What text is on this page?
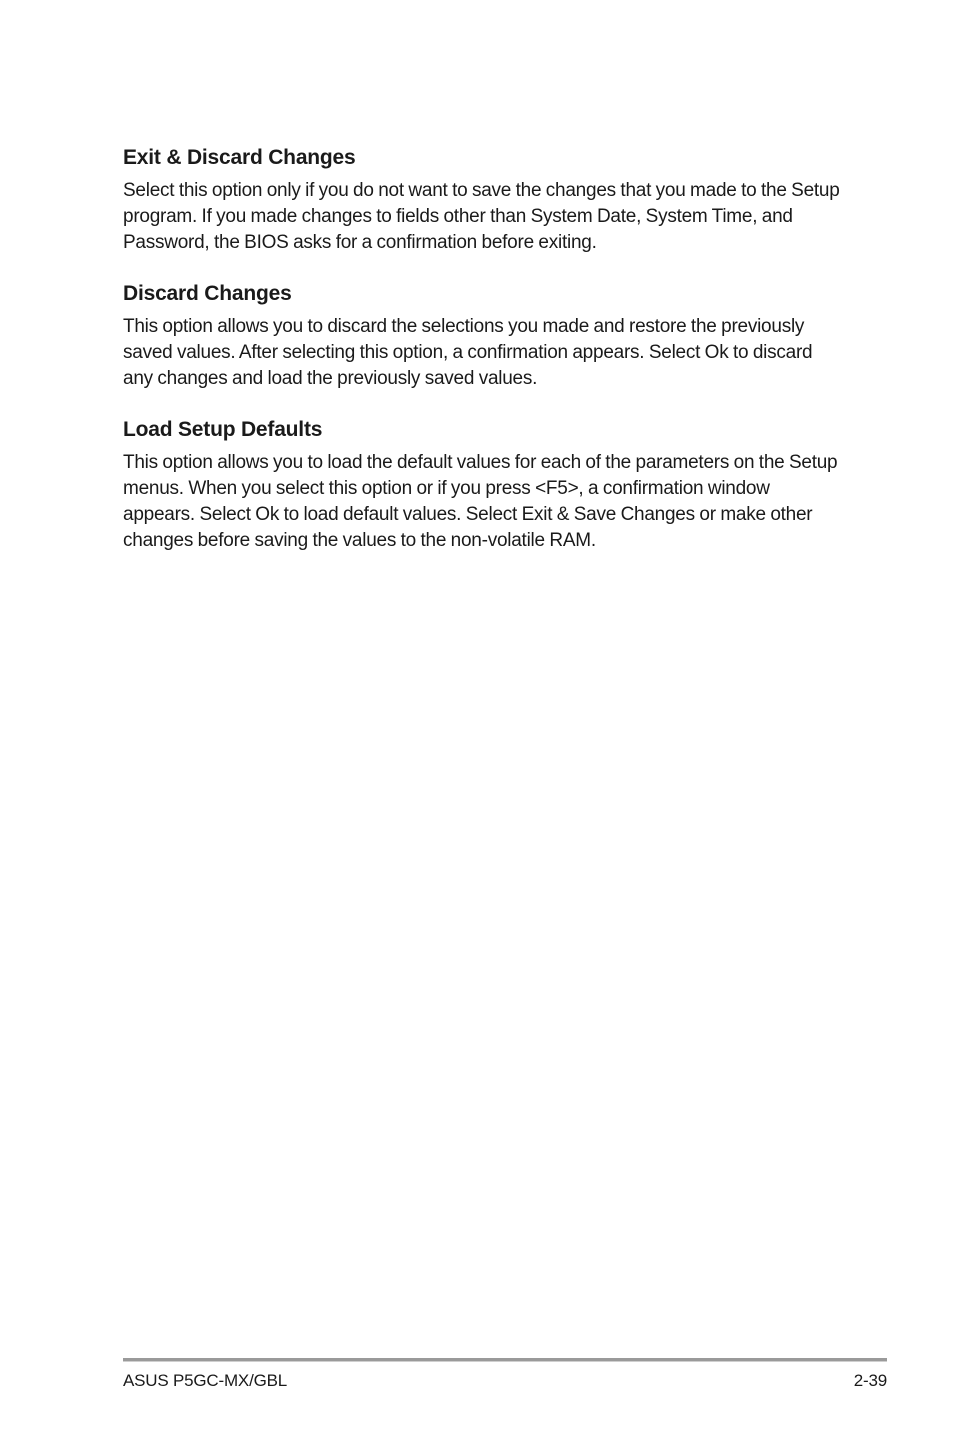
Exit & Discard Changes

Select this option only if you do not want to save the changes that you made to the Setup program. If you made changes to fields other than System Date, System Time, and Password, the BIOS asks for a confirmation before exiting.

Discard Changes

This option allows you to discard the selections you made and restore the previously saved values. After selecting this option, a confirmation appears. Select Ok to discard any changes and load the previously saved values.

Load Setup Defaults

This option allows you to load the default values for each of the parameters on the Setup menus. When you select this option or if you press <F5>, a confirmation window appears. Select Ok to load default values. Select Exit & Save Changes or make other changes before saving the values to the non-volatile RAM.

ASUS P5GC-MX/GBL	2-39
